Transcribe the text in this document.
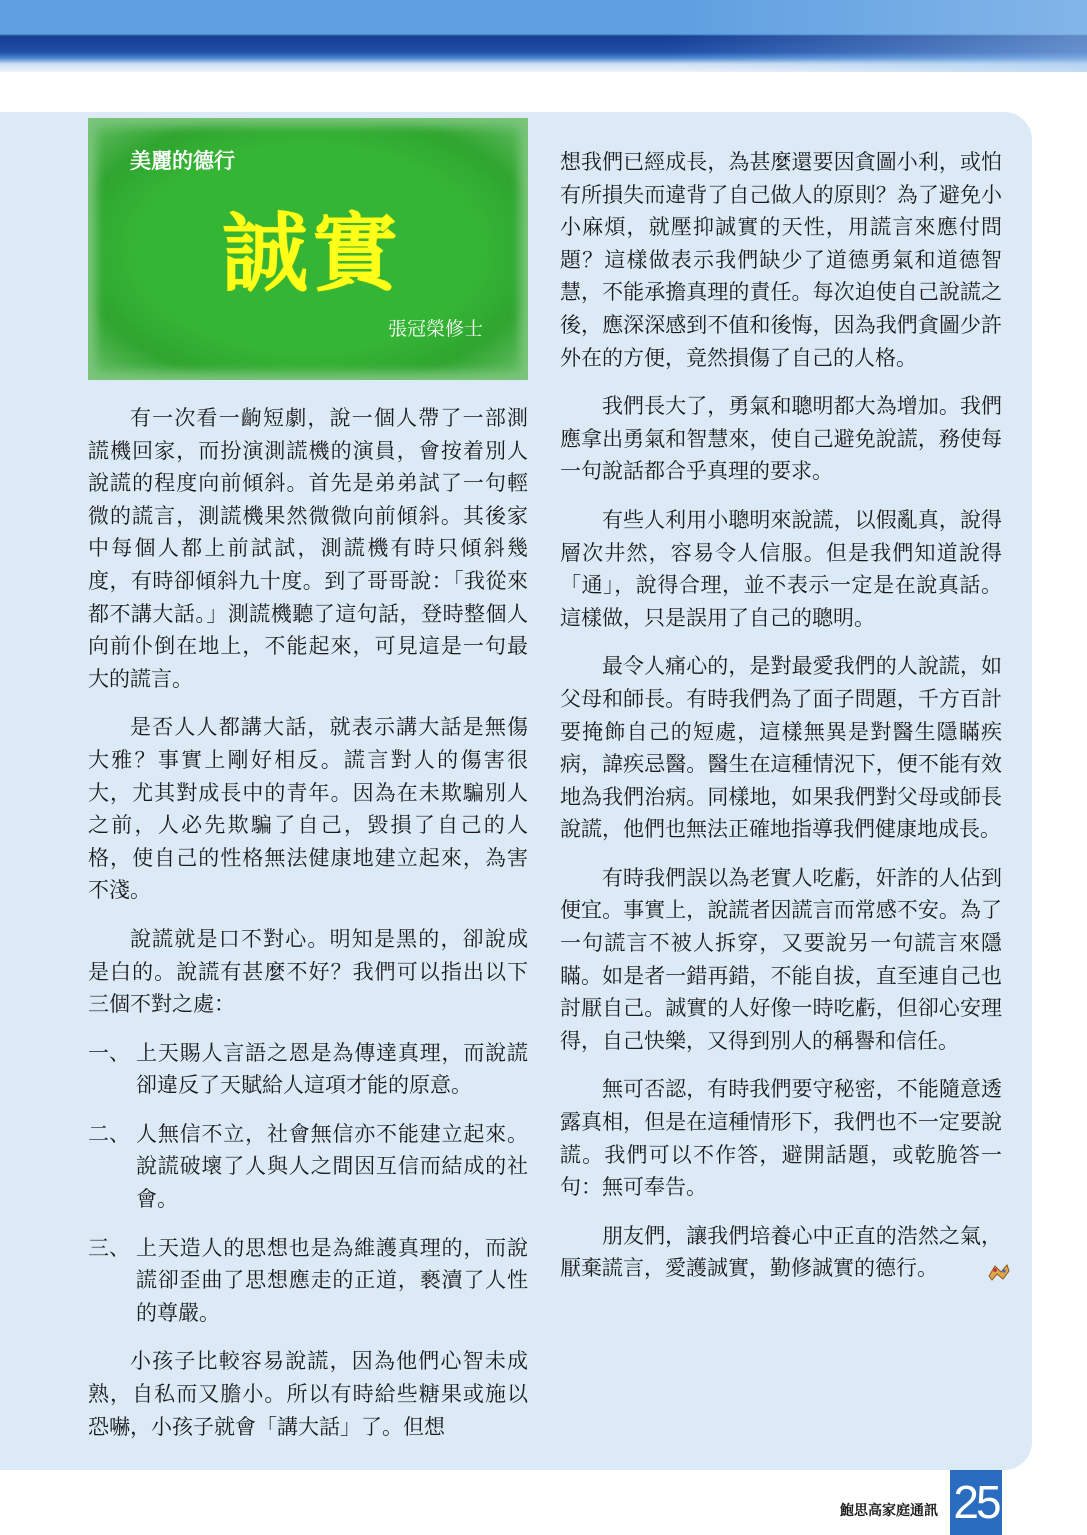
美麗的德行
誠實
張冠榮修士

有一次看一齣短劇，說一個人帶了一部測謊機回家，而扮演測謊機的演員，會按着別人說謊的程度向前傾斜。首先是弟弟試了一句輕微的謊言，測謊機果然微微向前傾斜。其後家中每個人都上前試試，測謊機有時只傾斜幾度，有時卻傾斜九十度。到了哥哥說：「我從來都不講大話。」測謊機聽了這句話，登時整個人向前仆倒在地上，不能起來，可見這是一句最大的謊言。

是否人人都講大話，就表示講大話是無傷大雅？事實上剛好相反。謊言對人的傷害很大，尤其對成長中的青年。因為在未欺騙別人之前，人必先欺騙了自己，毀損了自己的人格，使自己的性格無法健康地建立起來，為害不淺。

說謊就是口不對心。明知是黑的，卻說成是白的。說謊有甚麼不好？我們可以指出以下三個不對之處：

一、 上天賜人言語之恩是為傳達真理，而說謊卻違反了天賦給人這項才能的原意。
二、 人無信不立，社會無信亦不能建立起來。說謊破壞了人與人之間因互信而結成的社會。
三、 上天造人的思想也是為維護真理的，而說謊卻歪曲了思想應走的正道，褻瀆了人性的尊嚴。

小孩子比較容易說謊，因為他們心智未成熟，自私而又膽小。所以有時給些糖果或施以恐嚇，小孩子就會「講大話」了。但想

想我們已經成長，為甚麼還要因貪圖小利，或怕有所損失而違背了自己做人的原則？為了避免小小麻煩，就壓抑誠實的天性，用謊言來應付問題？這樣做表示我們缺少了道德勇氣和道德智慧，不能承擔真理的責任。每次迫使自己說謊之後，應深深感到不值和後悔，因為我們貪圖少許外在的方便，竟然損傷了自己的人格。

我們長大了，勇氣和聰明都大為增加。我們應拿出勇氣和智慧來，使自己避免說謊，務使每一句說話都合乎真理的要求。

有些人利用小聰明來說謊，以假亂真，說得層次井然，容易令人信服。但是我們知道說得「通」，說得合理，並不表示一定是在說真話。這樣做，只是誤用了自己的聰明。

最令人痛心的，是對最愛我們的人說謊，如父母和師長。有時我們為了面子問題，千方百計要掩飾自己的短處，這樣無異是對醫生隱瞞疾病，諱疾忌醫。醫生在這種情況下，便不能有效地為我們治病。同樣地，如果我們對父母或師長說謊，他們也無法正確地指導我們健康地成長。

有時我們誤以為老實人吃虧，奸詐的人佔到便宜。事實上，說謊者因謊言而常感不安。為了一句謊言不被人拆穿，又要說另一句謊言來隱瞞。如是者一錯再錯，不能自拔，直至連自己也討厭自己。誠實的人好像一時吃虧，但卻心安理得，自己快樂，又得到別人的稱譽和信任。

無可否認，有時我們要守秘密，不能隨意透露真相，但是在這種情形下，我們也不一定要說謊。我們可以不作答，避開話題，或乾脆答一句：無可奉告。

朋友們，讓我們培養心中正直的浩然之氣，厭棄謊言，愛護誠實，勤修誠實的德行。

鮑思高家庭通訊 25
